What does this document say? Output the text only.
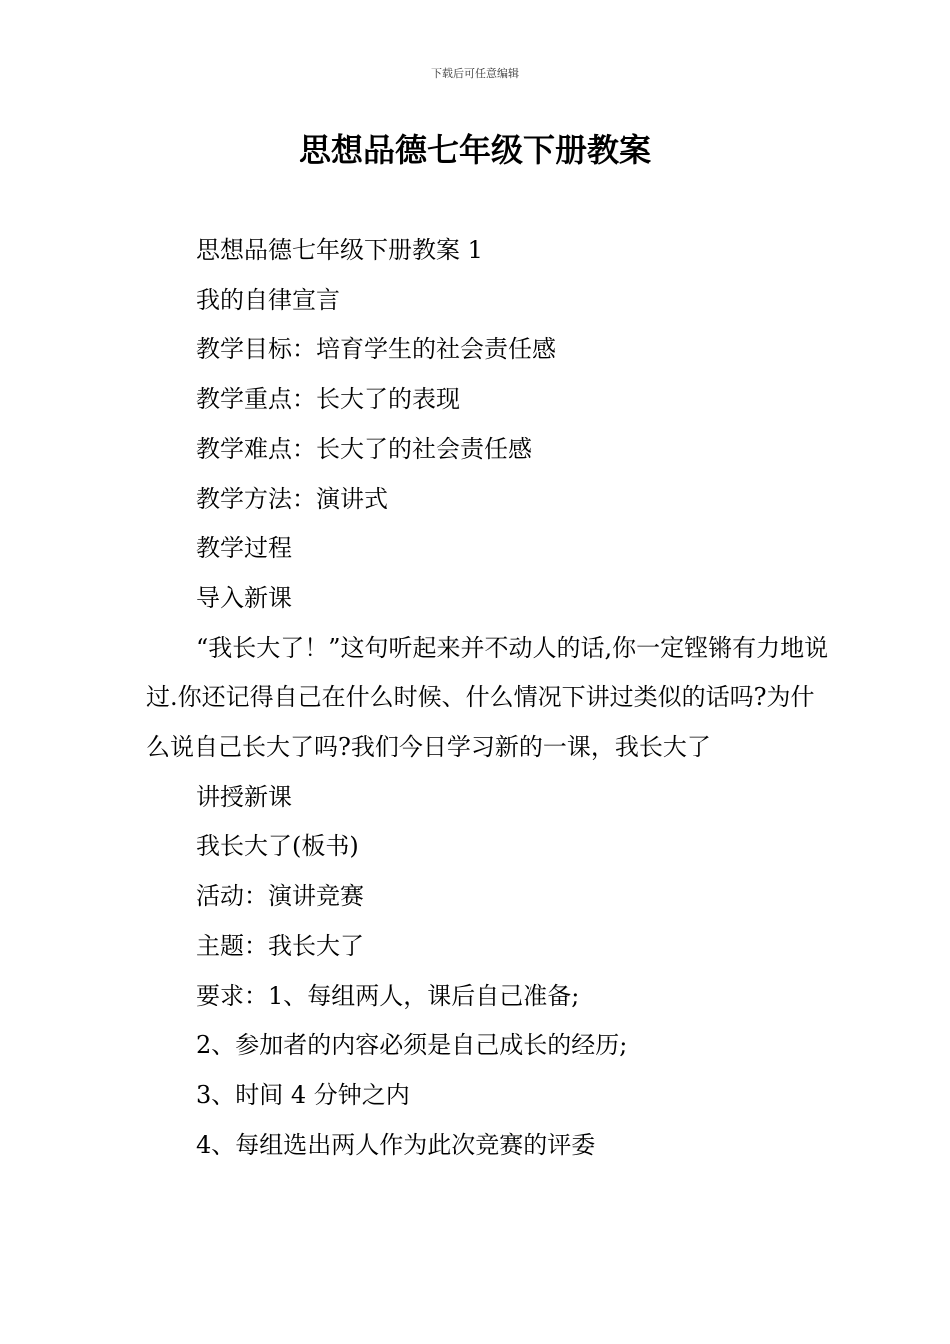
下载后可任意编辑
思想品德七年级下册教案

思想品德七年级下册教案 1

我的自律宣言

教学目标：培育学生的社会责任感

教学重点：长大了的表现

教学难点：长大了的社会责任感

教学方法：演讲式

教学过程

导入新课

“我长大了！”这句听起来并不动人的话,你一定铿锵有力地说过.你还记得自己在什么时候、什么情况下讲过类似的话吗?为什么说自己长大了吗?我们今日学习新的一课，我长大了

讲授新课

我长大了(板书)

活动：演讲竞赛

主题：我长大了

要求：1、每组两人，课后自己准备;

2、参加者的内容必须是自己成长的经历;

3、时间 4 分钟之内

4、每组选出两人作为此次竞赛的评委
